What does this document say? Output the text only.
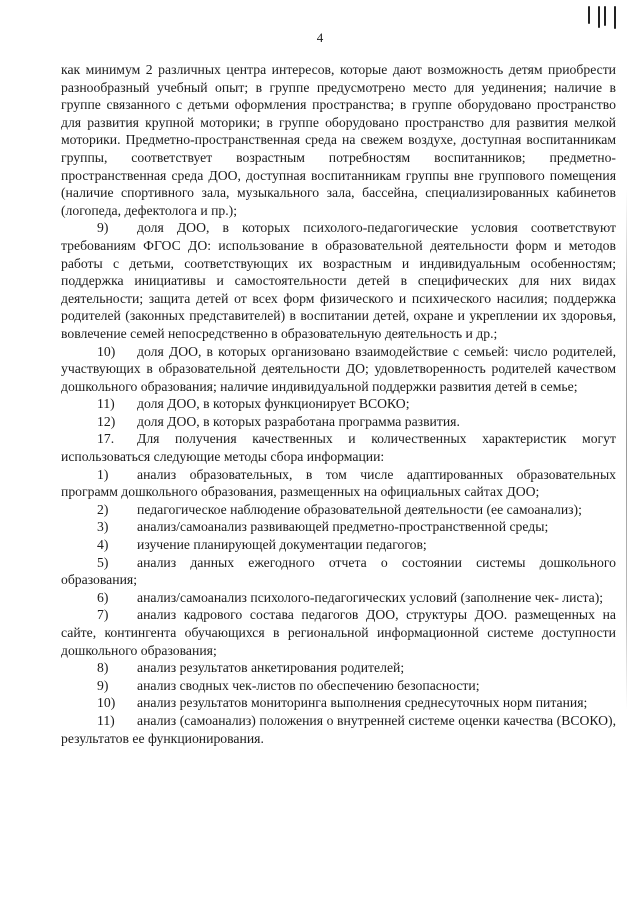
4

как минимум 2 различных центра интересов, которые дают возможность детям приобрести разнообразный учебный опыт; в группе предусмотрено место для уединения; наличие в группе связанного с детьми оформления пространства; в группе оборудовано пространство для развития крупной моторики; в группе оборудовано пространство для развития мелкой моторики. Предметно-пространственная среда на свежем воздухе, доступная воспитанникам группы, соответствует возрастным потребностям воспитанников; предметно-пространственная среда ДОО, доступная воспитанникам группы вне группового помещения (наличие спортивного зала, музыкального зала, бассейна, специализированных кабинетов (логопеда, дефектолога и пр.);

9) доля ДОО, в которых психолого-педагогические условия соответствуют требованиям ФГОС ДО: использование в образовательной деятельности форм и методов работы с детьми, соответствующих их возрастным и индивидуальным особенностям; поддержка инициативы и самостоятельности детей в специфических для них видах деятельности; защита детей от всех форм физического и психического насилия; поддержка родителей (законных представителей) в воспитании детей, охране и укреплении их здоровья, вовлечение семей непосредственно в образовательную деятельность и др.;

10) доля ДОО, в которых организовано взаимодействие с семьей: число родителей, участвующих в образовательной деятельности ДО; удовлетворенность родителей качеством дошкольного образования; наличие индивидуальной поддержки развития детей в семье;

11) доля ДОО, в которых функционирует ВСОКО;

12) доля ДОО, в которых разработана программа развития.

17. Для получения качественных и количественных характеристик могут использоваться следующие методы сбора информации:

1) анализ образовательных, в том числе адаптированных образовательных программ дошкольного образования, размещенных на официальных сайтах ДОО;

2) педагогическое наблюдение образовательной деятельности (ее самоанализ);

3) анализ/самоанализ развивающей предметно-пространственной среды;

4) изучение планирующей документации педагогов;

5) анализ данных ежегодного отчета о состоянии системы дошкольного образования;

6) анализ/самоанализ психолого-педагогических условий (заполнение чек- листа);

7) анализ кадрового состава педагогов ДОО, структуры ДОО. размещенных на сайте, контингента обучающихся в региональной информационной системе доступности дошкольного образования;

8) анализ результатов анкетирования родителей;

9) анализ сводных чек-листов по обеспечению безопасности;

10) анализ результатов мониторинга выполнения среднесуточных норм питания;

11) анализ (самоанализ) положения о внутренней системе оценки качества (ВСОКО), результатов ее функционирования.
